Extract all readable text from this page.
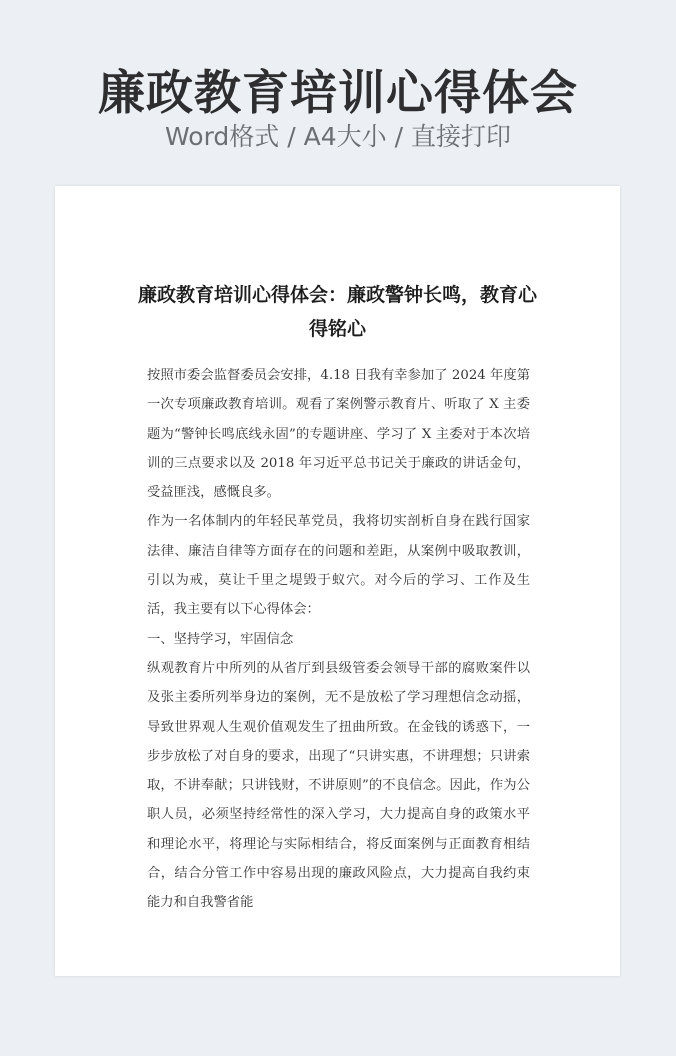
廉政教育培训心得体会
Word格式 / A4大小 / 直接打印
廉政教育培训心得体会：廉政警钟长鸣，教育心得铭心

按照市委会监督委员会安排，4.18 日我有幸参加了 2024 年度第一次专项廉政教育培训。观看了案例警示教育片、听取了 X 主委题为“警钟长鸣底线永固”的专题讲座、学习了 X 主委对于本次培训的三点要求以及 2018 年习近平总书记关于廉政的讲话金句，受益匪浅，感慨良多。

作为一名体制内的年轻民革党员，我将切实剖析自身在践行国家法律、廉洁自律等方面存在的问题和差距，从案例中吸取教训，引以为戒，莫让千里之堤毁于蚁穴。对今后的学习、工作及生活，我主要有以下心得体会：

一、坚持学习，牢固信念

纵观教育片中所列的从省厅到县级管委会领导干部的腐败案件以及张主委所列举身边的案例，无不是放松了学习理想信念动摇，导致世界观人生观价值观发生了扭曲所致。在金钱的诱惑下，一步步放松了对自身的要求，出现了“只讲实惠，不讲理想；只讲索取，不讲奉献；只讲钱财，不讲原则”的不良信念。因此，作为公职人员，必须坚持经常性的深入学习，大力提高自身的政策水平和理论水平，将理论与实际相结合，将反面案例与正面教育相结合，结合分管工作中容易出现的廉政风险点，大力提高自我约束能力和自我警省能
